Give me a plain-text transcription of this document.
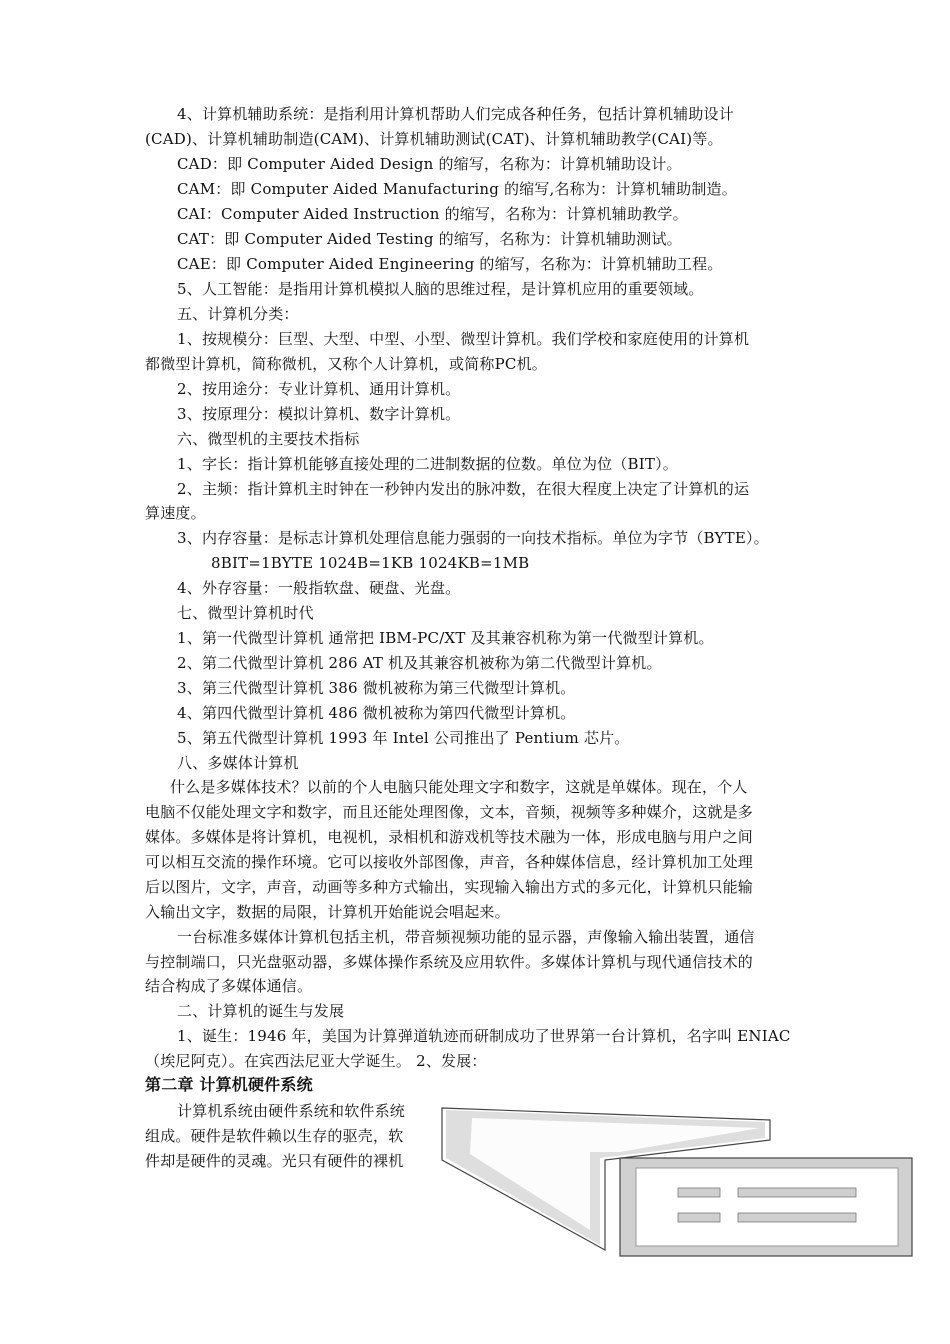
4、计算机辅助系统：是指利用计算机帮助人们完成各种任务，包括计算机辅助设计
(CAD)、计算机辅助制造(CAM)、计算机辅助测试(CAT)、计算机辅助教学(CAI)等。
CAD：即 Computer Aided Design 的缩写，名称为：计算机辅助设计。
CAM：即 Computer Aided Manufacturing 的缩写,名称为：计算机辅助制造。
CAI：Computer Aided Instruction 的缩写，名称为：计算机辅助教学。
CAT：即 Computer Aided Testing 的缩写，名称为：计算机辅助测试。
CAE：即 Computer Aided Engineering 的缩写，名称为：计算机辅助工程。
5、人工智能：是指用计算机模拟人脑的思维过程，是计算机应用的重要领域。
五、计算机分类：
1、按规模分：巨型、大型、中型、小型、微型计算机。我们学校和家庭使用的计算机
都微型计算机，简称微机，又称个人计算机，或简称PC机。
2、按用途分：专业计算机、通用计算机。
3、按原理分：模拟计算机、数字计算机。
六、微型机的主要技术指标
1、字长：指计算机能够直接处理的二进制数据的位数。单位为位（BIT）。
2、主频：指计算机主时钟在一秒钟内发出的脉冲数，在很大程度上决定了计算机的运
算速度。
3、内存容量：是标志计算机处理信息能力强弱的一向技术指标。单位为字节（BYTE）。
8BIT=1BYTE 1024B=1KB 1024KB=1MB
4、外存容量：一般指软盘、硬盘、光盘。
七、微型计算机时代
1、第一代微型计算机 通常把 IBM-PC/XT 及其兼容机称为第一代微型计算机。
2、第二代微型计算机 286 AT 机及其兼容机被称为第二代微型计算机。
3、第三代微型计算机 386 微机被称为第三代微型计算机。
4、第四代微型计算机 486 微机被称为第四代微型计算机。
5、第五代微型计算机 1993 年 Intel 公司推出了 Pentium 芯片。
八、多媒体计算机
什么是多媒体技术？以前的个人电脑只能处理文字和数字，这就是单媒体。现在，个人
电脑不仅能处理文字和数字，而且还能处理图像，文本，音频，视频等多种媒介，这就是多
媒体。多媒体是将计算机，电视机，录相机和游戏机等技术融为一体，形成电脑与用户之间
可以相互交流的操作环境。它可以接收外部图像，声音，各种媒体信息，经计算机加工处理
后以图片，文字，声音，动画等多种方式输出，实现输入输出方式的多元化，计算机只能输
入输出文字，数据的局限，计算机开始能说会唱起来。
一台标准多媒体计算机包括主机，带音频视频功能的显示器，声像输入输出装置，通信
与控制端口，只光盘驱动器，多媒体操作系统及应用软件。多媒体计算机与现代通信技术的
结合构成了多媒体通信。
二、计算机的诞生与发展
1、诞生：1946 年，美国为计算弹道轨迹而研制成功了世界第一台计算机，名字叫 ENIAC
（埃尼阿克）。在宾西法尼亚大学诞生。 2、发展：
第二章 计算机硬件系统
计算机系统由硬件系统和软件系统
组成。硬件是软件赖以生存的驱壳，软
件却是硬件的灵魂。光只有硬件的裸机
